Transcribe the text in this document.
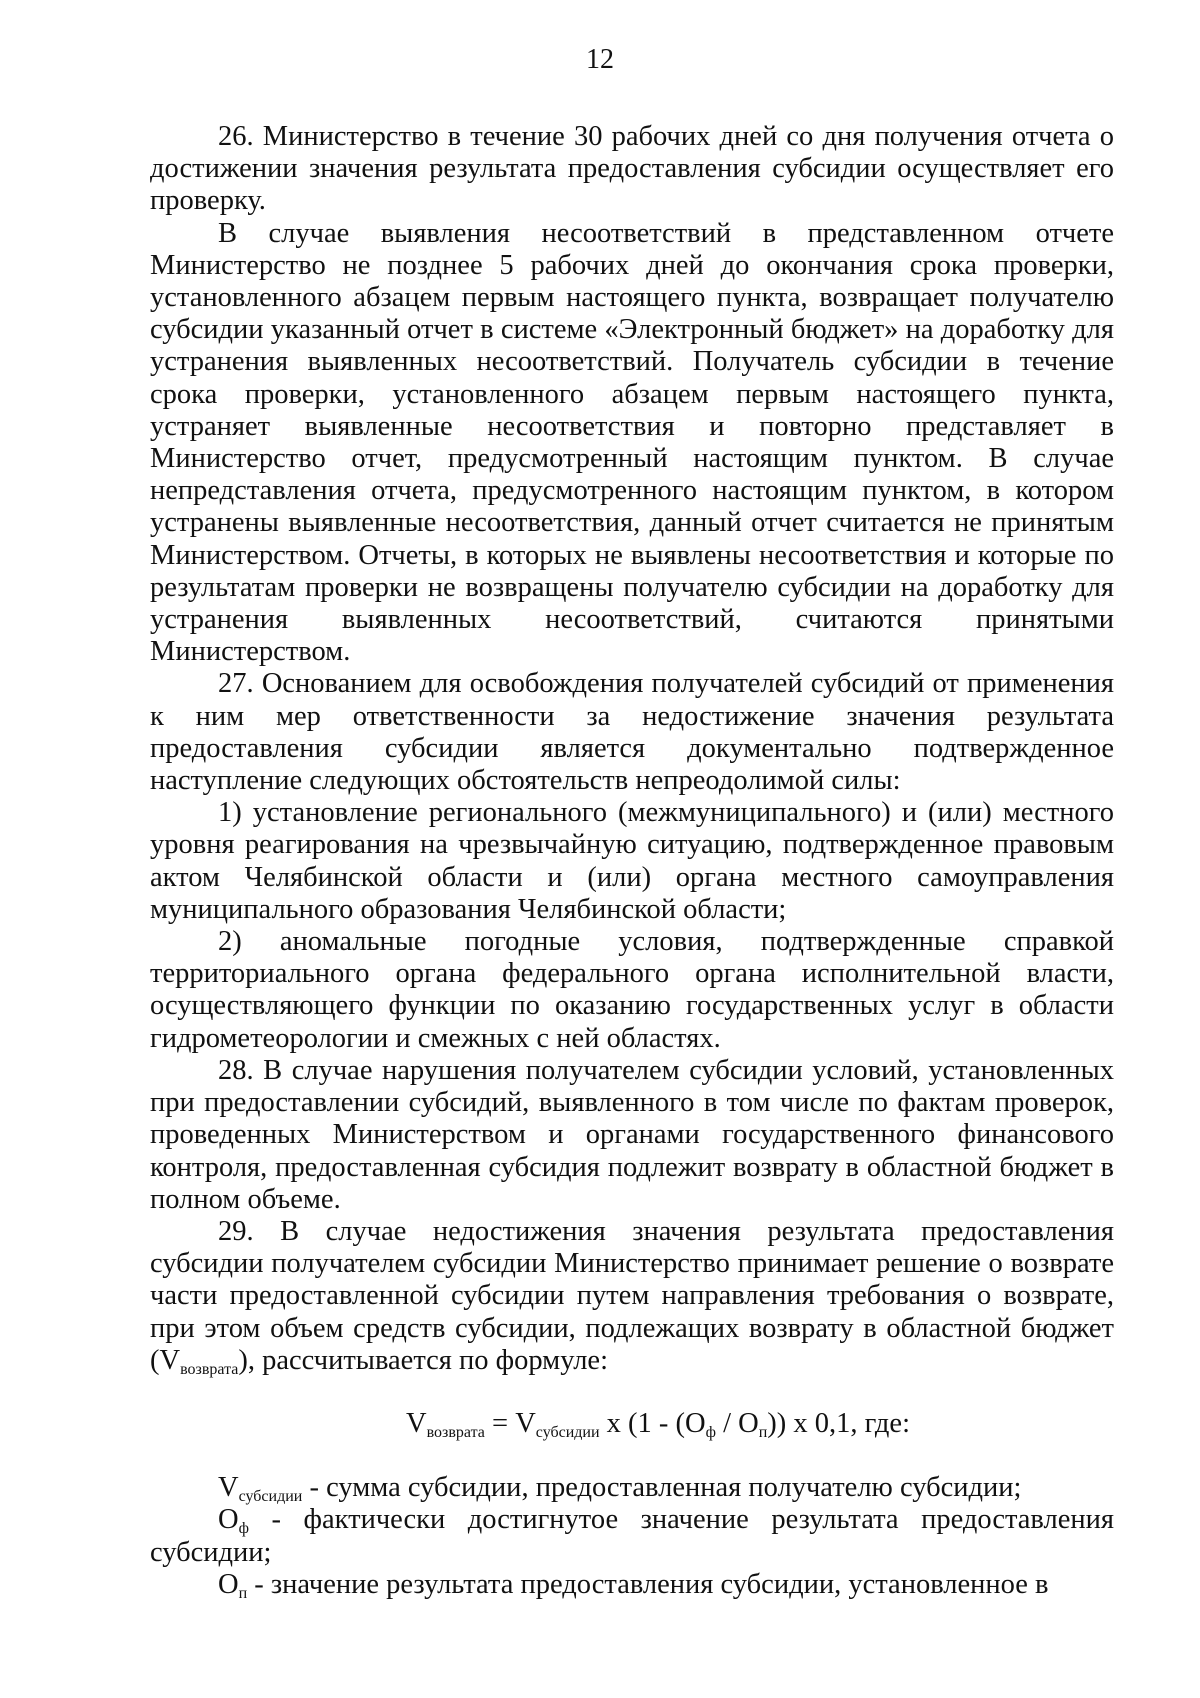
12

26. Министерство в течение 30 рабочих дней со дня получения отчета о достижении значения результата предоставления субсидии осуществляет его проверку.

В случае выявления несоответствий в представленном отчете Министерство не позднее 5 рабочих дней до окончания срока проверки, установленного абзацем первым настоящего пункта, возвращает получателю субсидии указанный отчет в системе «Электронный бюджет» на доработку для устранения выявленных несоответствий. Получатель субсидии в течение срока проверки, установленного абзацем первым настоящего пункта, устраняет выявленные несоответствия и повторно представляет в Министерство отчет, предусмотренный настоящим пунктом. В случае непредставления отчета, предусмотренного настоящим пунктом, в котором устранены выявленные несоответствия, данный отчет считается не принятым Министерством. Отчеты, в которых не выявлены несоответствия и которые по результатам проверки не возвращены получателю субсидии на доработку для устранения выявленных несоответствий, считаются принятыми Министерством.

27. Основанием для освобождения получателей субсидий от применения к ним мер ответственности за недостижение значения результата предоставления субсидии является документально подтвержденное наступление следующих обстоятельств непреодолимой силы:

1) установление регионального (межмуниципального) и (или) местного уровня реагирования на чрезвычайную ситуацию, подтвержденное правовым актом Челябинской области и (или) органа местного самоуправления муниципального образования Челябинской области;

2) аномальные погодные условия, подтвержденные справкой территориального органа федерального органа исполнительной власти, осуществляющего функции по оказанию государственных услуг в области гидрометеорологии и смежных с ней областях.

28. В случае нарушения получателем субсидии условий, установленных при предоставлении субсидий, выявленного в том числе по фактам проверок, проведенных Министерством и органами государственного финансового контроля, предоставленная субсидия подлежит возврату в областной бюджет в полном объеме.

29. В случае недостижения значения результата предоставления субсидии получателем субсидии Министерство принимает решение о возврате части предоставленной субсидии путем направления требования о возврате, при этом объем средств субсидии, подлежащих возврату в областной бюджет $(V_{возврата})$, рассчитывается по формуле:

$V_{возврата} = V_{субсидии}$ x $(1 - (O_ф / O_п))$ x 0,1, где:

$V_{субсидии}$ - сумма субсидии, предоставленная получателю субсидии;

$O_ф$ - фактически достигнутое значение результата предоставления субсидии;

$O_п$ - значение результата предоставления субсидии, установленное в
